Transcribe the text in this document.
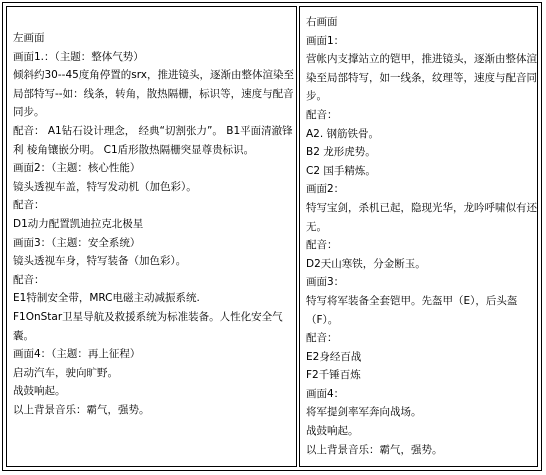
左画面

画面1.：（主题：整体气势）

倾斜约30--45度角停置的srx，推进镜头，逐渐由整体渲染至局部特写--如：线条，转角，散热隔栅，标识等，速度与配音同步。

配音： A1钻石设计理念， 经典“切割张力”。 B1平面清澈锋利 棱角镶嵌分明。 C1盾形散热隔栅突显尊贵标识。

画面2：（主题：核心性能）

镜头透视车盖，特写发动机（加色彩）。

配音：

D1动力配置凯迪拉克北极星

画面3：（主题：安全系统）

镜头透视车身，特写装备（加色彩）。

配音：

E1特制安全带，MRC电磁主动减振系统.

F1OnStar卫星导航及救援系统为标准装备。人性化安全气囊。

画面4：（主题：再上征程）

启动汽车，驶向旷野。

战鼓响起。

以上背景音乐：霸气，强势。

右画面

画面1：

营帐内支撑站立的铠甲，推进镜头，逐渐由整体渲染至局部特写，如一线条，纹理等，速度与配音同步。

配音：

A2. 钢筋铁骨。

B2 龙形虎势。

C2 国手精炼。

画面2：

特写宝剑，杀机已起，隐现光华，龙吟呼啸似有还无。

配音：

D2天山寒铁，分金断玉。

画面3：

特写将军装备全套铠甲。先盔甲（E），后头盔（F）。

配音：

E2身经百战

F2千锤百炼

画面4：

将军提剑率军奔向战场。

战鼓响起。

以上背景音乐：霸气，强势。
